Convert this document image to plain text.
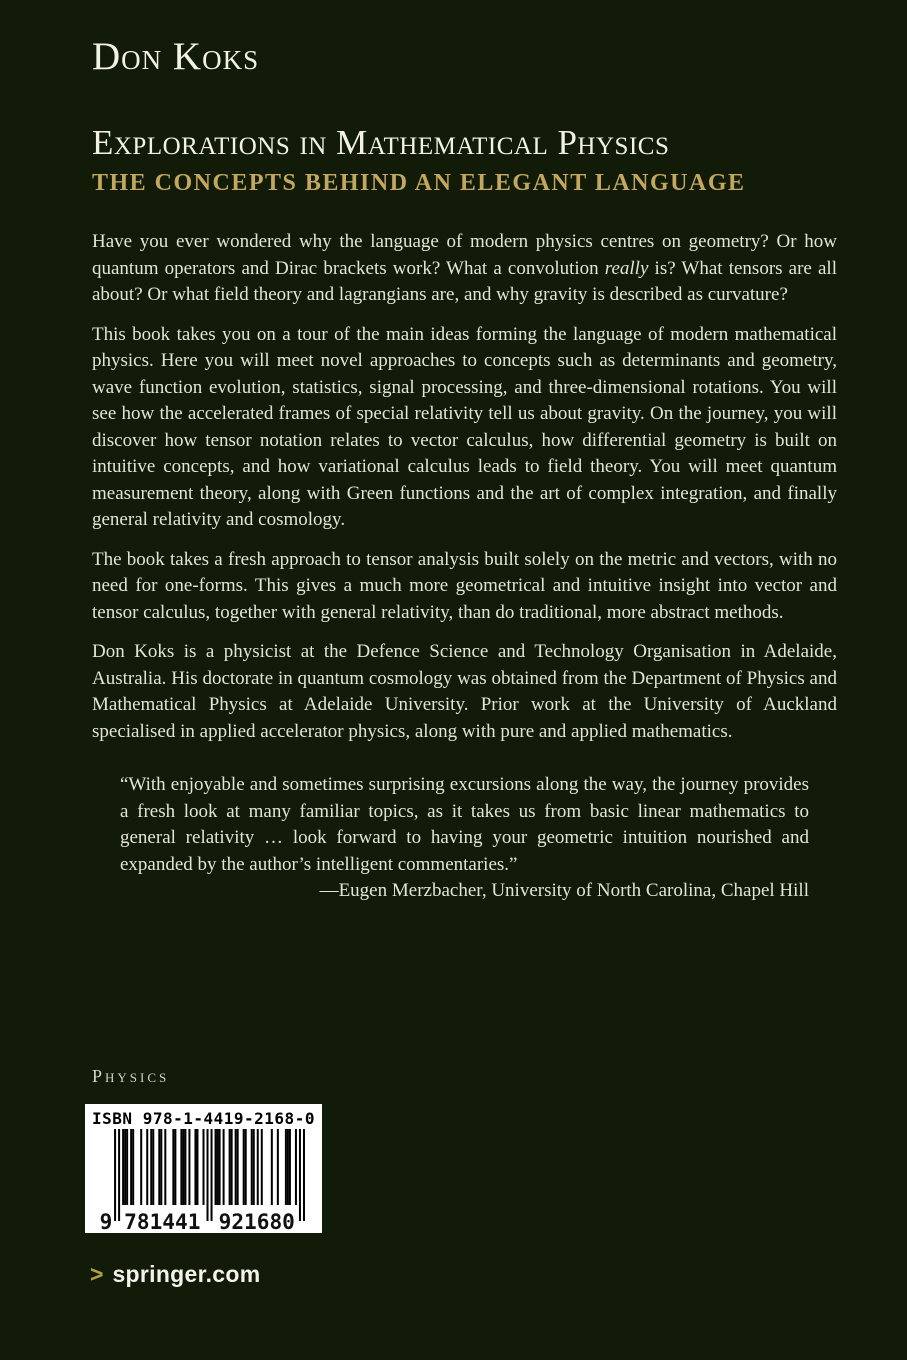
Don Koks
Explorations in Mathematical Physics
THE CONCEPTS BEHIND AN ELEGANT LANGUAGE

Have you ever wondered why the language of modern physics centres on geometry? Or how quantum operators and Dirac brackets work? What a convolution really is? What tensors are all about? Or what field theory and lagrangians are, and why gravity is described as curvature?

This book takes you on a tour of the main ideas forming the language of modern mathematical physics. Here you will meet novel approaches to concepts such as determinants and geometry, wave function evolution, statistics, signal processing, and three-dimensional rotations. You will see how the accelerated frames of special relativity tell us about gravity. On the journey, you will discover how tensor notation relates to vector calculus, how differential geometry is built on intuitive concepts, and how variational calculus leads to field theory. You will meet quantum measurement theory, along with Green functions and the art of complex integration, and finally general relativity and cosmology.

The book takes a fresh approach to tensor analysis built solely on the metric and vectors, with no need for one-forms. This gives a much more geometrical and intuitive insight into vector and tensor calculus, together with general relativity, than do traditional, more abstract methods.

Don Koks is a physicist at the Defence Science and Technology Organisation in Adelaide, Australia. His doctorate in quantum cosmology was obtained from the Department of Physics and Mathematical Physics at Adelaide University. Prior work at the University of Auckland specialised in applied accelerator physics, along with pure and applied mathematics.

“With enjoyable and sometimes surprising excursions along the way, the journey provides a fresh look at many familiar topics, as it takes us from basic linear mathematics to general relativity … look forward to having your geometric intuition nourished and expanded by the author’s intelligent commentaries.”

—Eugen Merzbacher, University of North Carolina, Chapel Hill

Physics
ISBN 978-1-4419-2168-0
9 781441 921680
> springer.com
